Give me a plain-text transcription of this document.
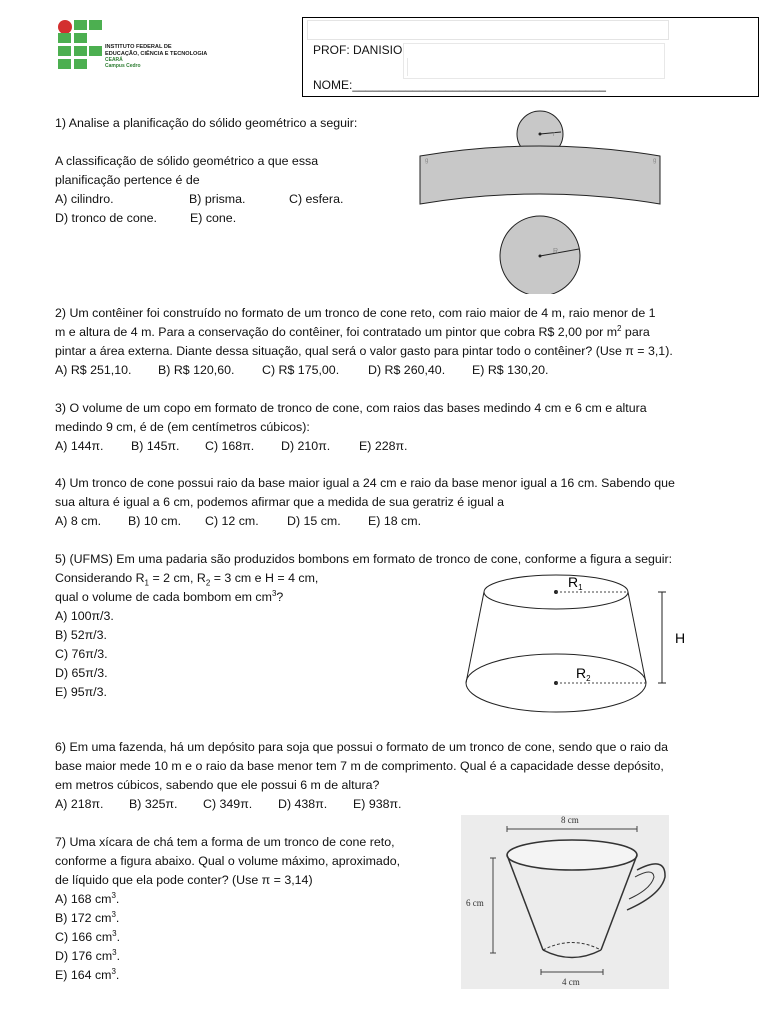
INSTITUTO FEDERAL DE
EDUCAÇÃO, CIÊNCIA E TECNOLOGIA
CEARÁ
Campus Cedro
PROF: DANISIO
NOME:______________________________________
1) Analise a planificação do sólido geométrico a seguir:
A classificação de sólido geométrico a que essa
planificação pertence é de
A) cilindro.	B) prisma.	C) esfera.
D) tronco de cone.	E) cone.
r
g	g
R
2) Um contêiner foi construído no formato de um tronco de cone reto, com raio maior de 4 m, raio menor de 1
m e altura de 4 m. Para a conservação do contêiner, foi contratado um pintor que cobra R$ 2,00 por $m^2$ para
pintar a área externa. Diante dessa situação, qual será o valor gasto para pintar todo o contêiner? (Use π = 3,1).
A) R$ 251,10. B) R$ 120,60. C) R$ 175,00. D) R$ 260,40. E) R$ 130,20.
3) O volume de um copo em formato de tronco de cone, com raios das bases medindo 4 cm e 6 cm e altura
medindo 9 cm, é de (em centímetros cúbicos):
A) 144π. B) 145π. C) 168π. D) 210π. E) 228π.
4) Um tronco de cone possui raio da base maior igual a 24 cm e raio da base menor igual a 16 cm. Sabendo que
sua altura é igual a 6 cm, podemos afirmar que a medida de sua geratriz é igual a
A) 8 cm. B) 10 cm. C) 12 cm. D) 15 cm. E) 18 cm.
5) (UFMS) Em uma padaria são produzidos bombons em formato de tronco de cone, conforme a figura a seguir:
Considerando $R_1 = 2$ cm, $R_2 = 3$ cm e H = 4 cm,
qual o volume de cada bombom em $cm^3$?
A) 100π/3.
B) 52π/3.
C) 76π/3.
D) 65π/3.
E) 95π/3.
$R_1$
$R_2$
H
6) Em uma fazenda, há um depósito para soja que possui o formato de um tronco de cone, sendo que o raio da
base maior mede 10 m e o raio da base menor tem 7 m de comprimento. Qual é a capacidade desse depósito,
em metros cúbicos, sabendo que ele possui 6 m de altura?
A) 218π. B) 325π. C) 349π. D) 438π. E) 938π.
7) Uma xícara de chá tem a forma de um tronco de cone reto,
conforme a figura abaixo. Qual o volume máximo, aproximado,
de líquido que ela pode conter? (Use π = 3,14)
A) 168 $cm^3$.
B) 172 $cm^3$.
C) 166 $cm^3$.
D) 176 $cm^3$.
E) 164 $cm^3$.
8 cm
6 cm
4 cm
